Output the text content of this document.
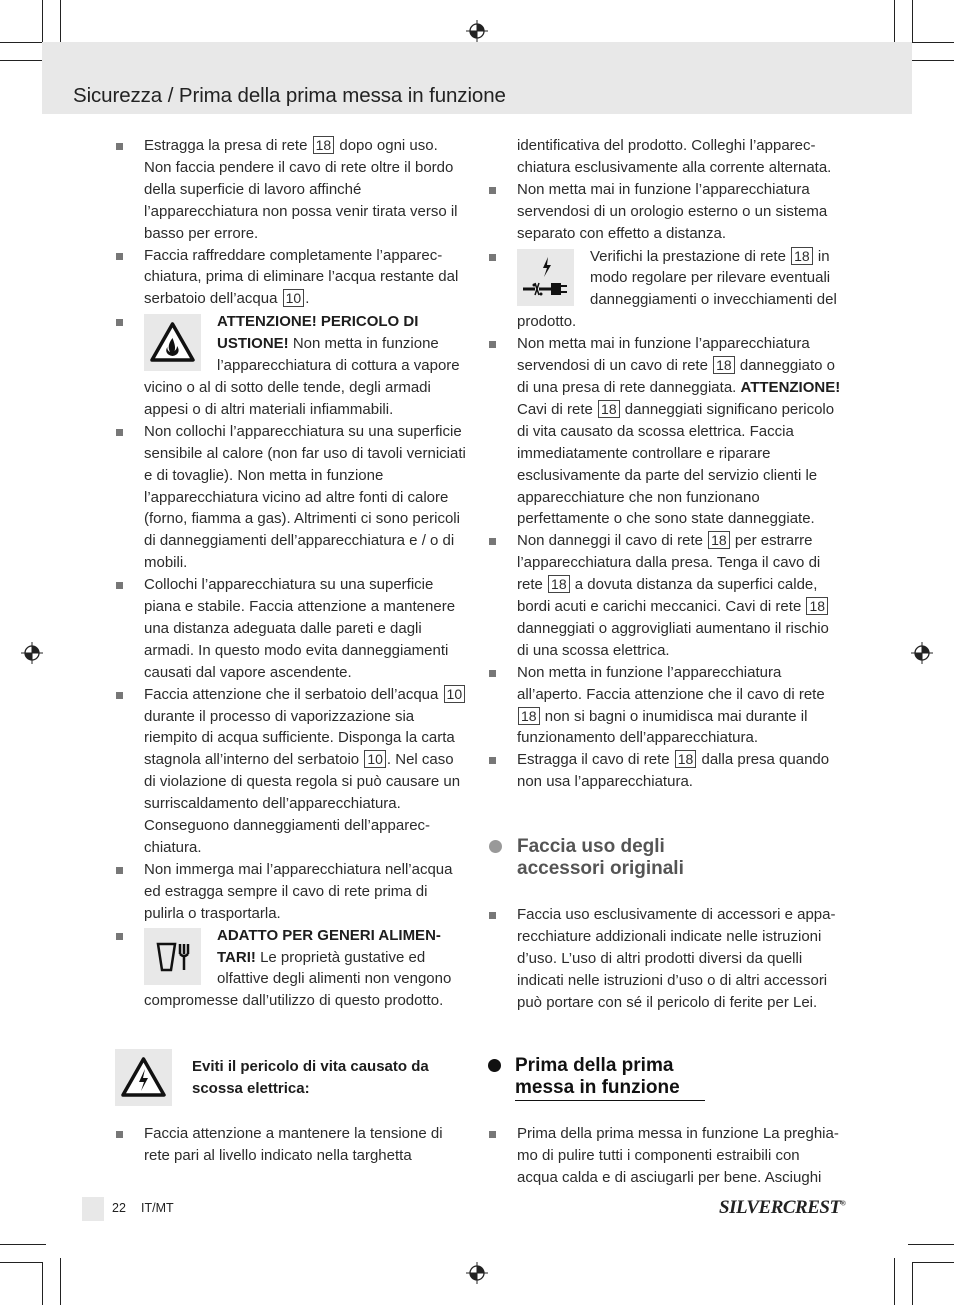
Sicurezza / Prima della prima messa in funzione

Estragga la presa di rete 18 dopo ogni uso. Non faccia pendere il cavo di rete oltre il bordo della superficie di lavoro affinché l’apparecchiatura non possa venir tirata verso il basso per errore.

Faccia raffreddare completamente l’apparecchiatura, prima di eliminare l’acqua restante dal serbatoio dell’acqua 10 .

ATTENZIONE! PERICOLO DI USTIONE! Non metta in funzione l’apparecchiatura di cottura a vapore vicino o al di sotto delle tende, degli armadi appesi o di altri materiali infiammabili.

Non collochi l’apparecchiatura su una superficie sensibile al calore (non far uso di tavoli verniciati e di tovaglie). Non metta in funzione l’apparecchiatura vicino ad altre fonti di calore (forno, fiamma a gas). Altrimenti ci sono pericoli di danneggiamenti dell’apparecchiatura e / o di mobili.

Collochi l’apparecchiatura su una superficie piana e stabile. Faccia attenzione a mantenere una distanza adeguata dalle pareti e dagli armadi. In questo modo evita danneggiamenti causati dal vapore ascendente.

Faccia attenzione che il serbatoio dell’acqua 10 durante il processo di vaporizzazione sia riempito di acqua sufficiente. Disponga la carta stagnola all’interno del serbatoio 10 . Nel caso di violazione di questa regola si può causare un surriscaldamento dell’apparecchiatura. Conseguono danneggiamenti dell’apparecchiatura.

Non immerga mai l’apparecchiatura nell’acqua ed estragga sempre il cavo di rete prima di pulirla o trasportarla.

ADATTO PER GENERI ALIMENTARI! Le proprietà gustative ed olfattive degli alimenti non vengono compromesse dall’utilizzo di questo prodotto.

Eviti il pericolo di vita causato da scossa elettrica:

Faccia attenzione a mantenere la tensione di rete pari al livello indicato nella targhetta

identificativa del prodotto. Colleghi l’apparecchiatura esclusivamente alla corrente alternata.

Non metta mai in funzione l’apparecchiatura servendosi di un orologio esterno o un sistema separato con effetto a distanza.

Verifichi la prestazione di rete 18 in modo regolare per rilevare eventuali danneggiamenti o invecchiamenti del prodotto.

Non metta mai in funzione l’apparecchiatura servendosi di un cavo di rete 18 danneggiato o di una presa di rete danneggiata. ATTENZIONE! Cavi di rete 18 danneggiati significano pericolo di vita causato da scossa elettrica. Faccia immediatamente controllare e riparare esclusivamente da parte del servizio clienti le apparecchiature che non funzionano perfettamente o che sono state danneggiate.

Non danneggi il cavo di rete 18 per estrarre l’apparecchiatura dalla presa. Tenga il cavo di rete 18 a dovuta distanza da superfici calde, bordi acuti e carichi meccanici. Cavi di rete 18 danneggiati o aggrovigliati aumentano il rischio di una scossa elettrica.

Non metta in funzione l’apparecchiatura all’aperto. Faccia attenzione che il cavo di rete 18 non si bagni o inumidisca mai durante il funzionamento dell’apparecchiatura.

Estragga il cavo di rete 18 dalla presa quando non usa l’apparecchiatura.

Faccia uso degli accessori originali

Faccia uso esclusivamente di accessori e apparecchiature addizionali indicate nelle istruzioni d’uso. L’uso di altri prodotti diversi da quelli indicati nelle istruzioni d’uso o di altri accessori può portare con sé il pericolo di ferite per Lei.

Prima della prima messa in funzione

Prima della prima messa in funzione La preghiamo di pulire tutti i componenti estraibili con acqua calda e di asciugarli per bene. Asciughi

22 IT/MT	SILVERCREST®
